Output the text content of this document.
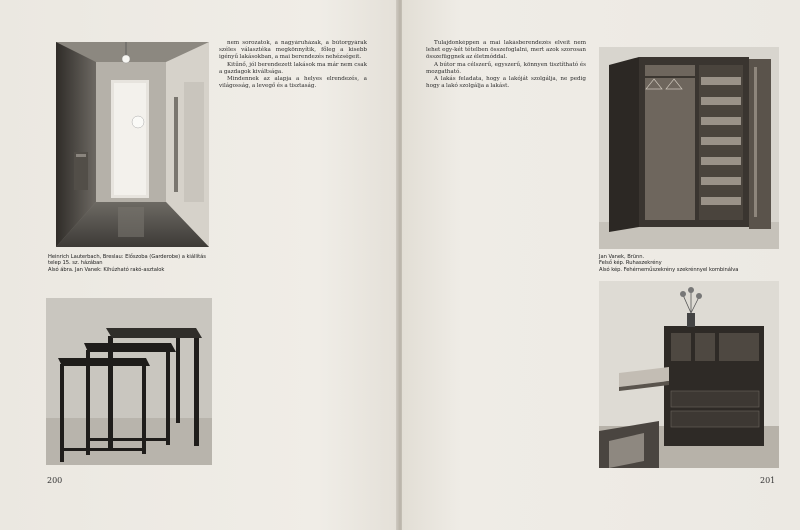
Heinrich Lauterbach, Breslau: Előszoba (Garderobe) a kiállítás telep 15. sz. házában
Alsó ábra. Jan Vanek: Kihúzható rakó-asztalok

nem sorozatok, a nagyáruházak, a bútorgyárak széles választéka megkönnyítik, főleg a kisebb igényű lakásokban, a mai berendezés nehézségeit.

Kitűnő, jól berendezett lakások ma már nem csak a gazdagok kiváltsága.

Mindennek az alapja a helyes elrendezés, a világosság, a levegő és a tisztaság.

200

Tulajdonképpen a mai lakásberendezés elveit nem lehet egy-két tételben összefoglalni, mert azok szorosan összefüggnek az életmóddal.

A bútor ma célszerű, egyszerű, könnyen tisztítható és mozgatható.

A lakás feladata, hogy a lakóját szolgálja, ne pedig hogy a lakó szolgálja a lakást.

Jan Vanek, Brünn.
Felső kép. Ruhaszekrény
Alsó kép. Fehérneműszekrény szekrénnyel kombinálva
201
